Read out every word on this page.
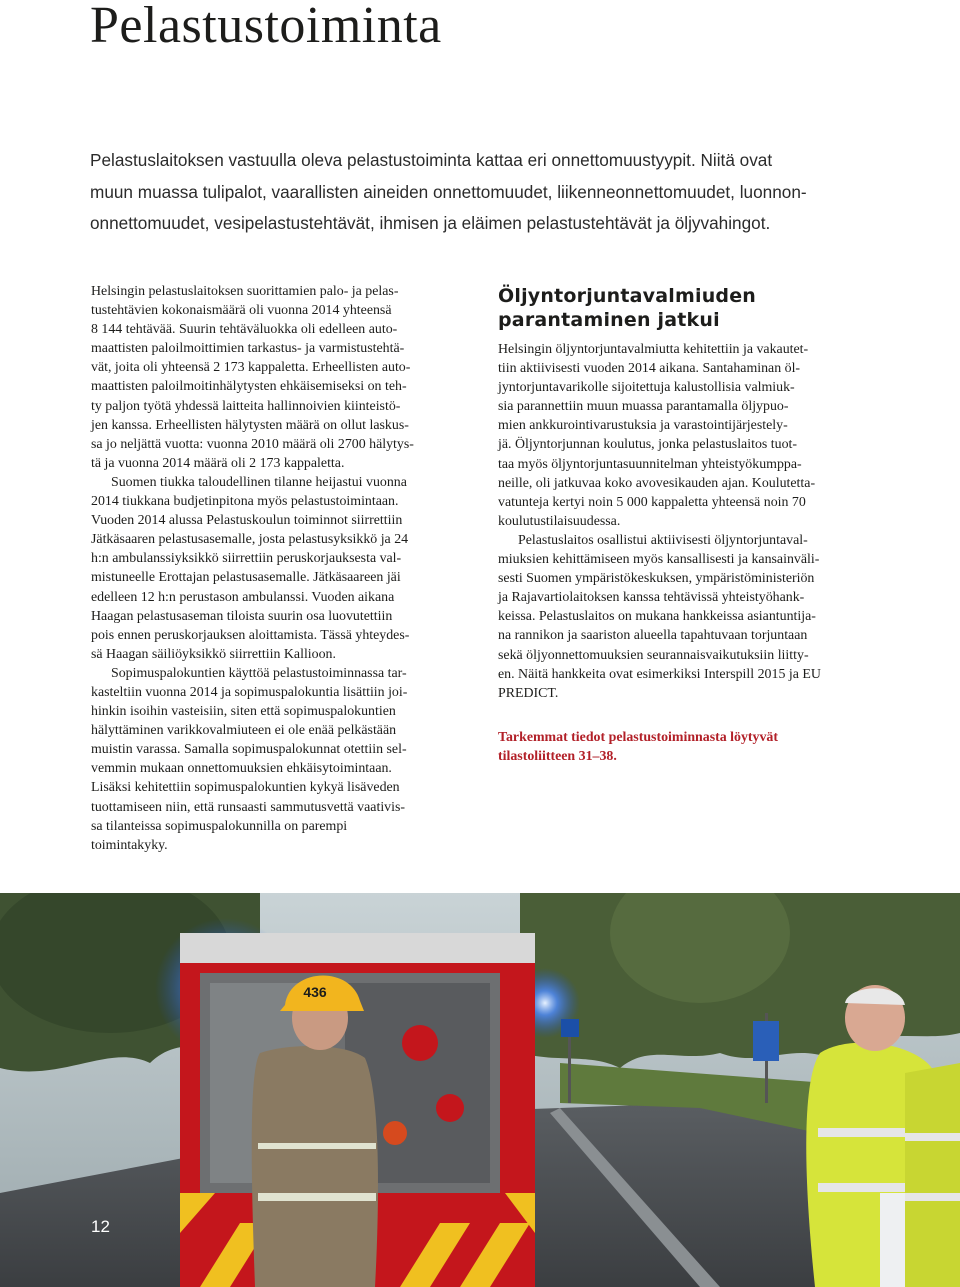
Pelastustoiminta

Pelastuslaitoksen vastuulla oleva pelastustoiminta kattaa eri onnettomuustyypit. Niitä ovat
muun muassa tulipalot, vaarallisten aineiden onnettomuudet, liikenneonnettomuudet, luonnon-
onnettomuudet, vesipelastustehtävät, ihmisen ja eläimen pelastustehtävät ja öljyvahingot.

Helsingin pelastuslaitoksen suorittamien palo- ja pelas-
tustehtävien kokonaismäärä oli vuonna 2014 yhteensä
8 144 tehtävää. Suurin tehtäväluokka oli edelleen auto-
maattisten paloilmoittimien tarkastus- ja varmistustehtä-
vät, joita oli yhteensä 2 173 kappaletta. Erheellisten auto-
maattisten paloilmoitinhälytysten ehkäisemiseksi on teh-
ty paljon työtä yhdessä laitteita hallinnoivien kiinteistö-
jen kanssa. Erheellisten hälytysten määrä on ollut laskus-
sa jo neljättä vuotta: vuonna 2010 määrä oli 2700 hälytys-
tä ja vuonna 2014 määrä oli 2 173 kappaletta.
Suomen tiukka taloudellinen tilanne heijastui vuonna
2014 tiukkana budjetinpitona myös pelastustoimintaan.
Vuoden 2014 alussa Pelastuskoulun toiminnot siirrettiin
Jätkäsaaren pelastusasemalle, josta pelastusyksikkö ja 24
h:n ambulanssiyksikkö siirrettiin peruskorjauksesta val-
mistuneelle Erottajan pelastusasemalle. Jätkäsaareen jäi
edelleen 12 h:n perustason ambulanssi. Vuoden aikana
Haagan pelastusaseman tiloista suurin osa luovutettiin
pois ennen peruskorjauksen aloittamista. Tässä yhteydes-
sä Haagan säiliöyksikkö siirrettiin Kallioon.
Sopimuspalokuntien käyttöä pelastustoiminnassa tar-
kasteltiin vuonna 2014 ja sopimuspalokuntia lisättiin joi-
hinkin isoihin vasteisiin, siten että sopimuspalokuntien
hälyttäminen varikkovalmiuteen ei ole enää pelkästään
muistin varassa. Samalla sopimuspalokunnat otettiin sel-
vemmin mukaan onnettomuuksien ehkäisytoimintaan.
Lisäksi kehitettiin sopimuspalokuntien kykyä lisäveden
tuottamiseen niin, että runsaasti sammutusvettä vaativis-
sa tilanteissa sopimuspalokunnilla on parempi
toimintakyky.
Öljyntorjuntavalmiuden
parantaminen jatkui
Helsingin öljyntorjuntavalmiutta kehitettiin ja vakautet-
tiin aktiivisesti vuoden 2014 aikana. Santahaminan öl-
jyntorjuntavarikolle sijoitettuja kalustollisia valmiuk-
sia parannettiin muun muassa parantamalla öljypuo-
mien ankkurointivarustuksia ja varastointijärjestely-
jä. Öljyntorjunnan koulutus, jonka pelastuslaitos tuot-
taa myös öljyntorjuntasuunnitelman yhteistyökumppa-
neille, oli jatkuvaa koko avovesikauden ajan. Koulutetta-
vatunteja kertyi noin 5 000 kappaletta yhteensä noin 70
koulutustilaisuudessa.
Pelastuslaitos osallistui aktiivisesti öljyntorjuntaval-
miuksien kehittämiseen myös kansallisesti ja kansainväli-
sesti Suomen ympäristökeskuksen, ympäristöministeriön
ja Rajavartiolaitoksen kanssa tehtävissä yhteistyöhank-
keissa. Pelastuslaitos on mukana hankkeissa asiantuntija-
na rannikon ja saariston alueella tapahtuvaan torjuntaan
sekä öljyonnettomuuksien seurannaisvaikutuksiin liitty-
en. Näitä hankkeita ovat esimerkiksi Interspill 2015 ja EU
PREDICT.
Tarkemmat tiedot pelastustoiminnasta löytyvät
tilastoliitteen 31–38.
436

12
